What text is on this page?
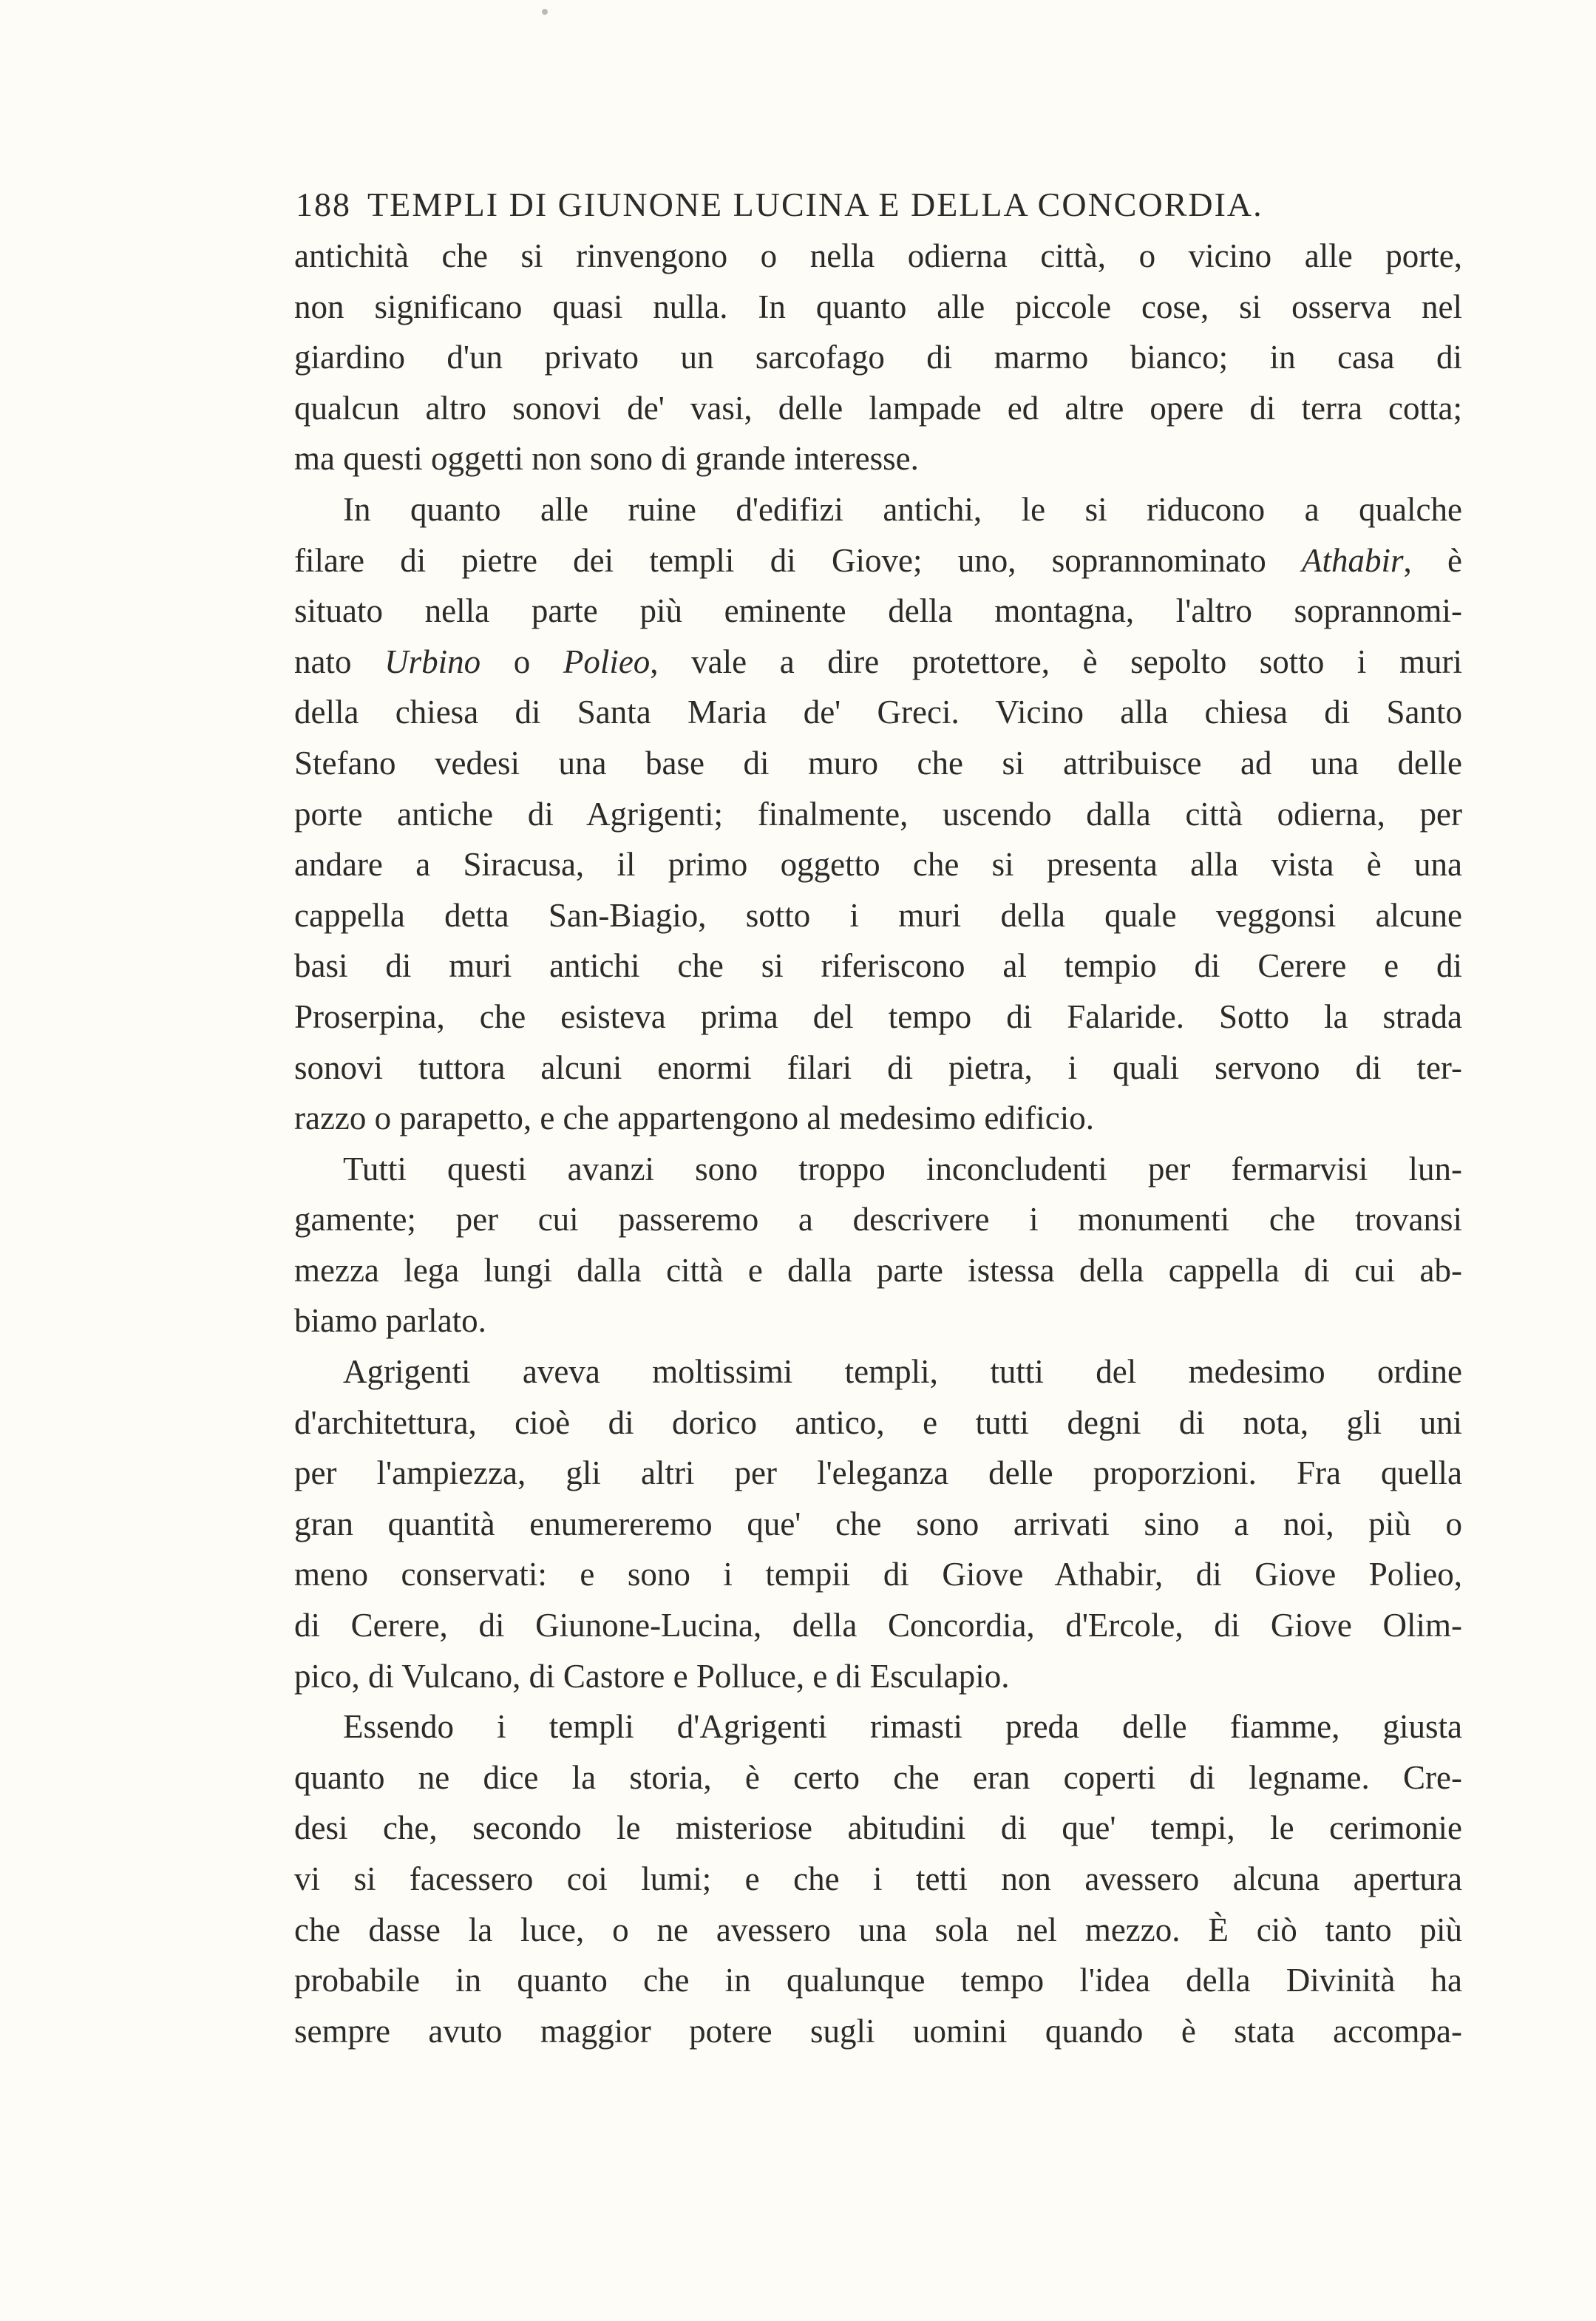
188 TEMPLI DI GIUNONE LUCINA E DELLA CONCORDIA.
antichità che si rinvengono o nella odierna città, o vicino alle porte,
non significano quasi nulla. In quanto alle piccole cose, si osserva nel
giardino d'un privato un sarcofago di marmo bianco; in casa di
qualcun altro sonovi de' vasi, delle lampade ed altre opere di terra cotta;
ma questi oggetti non sono di grande interesse.
In quanto alle ruine d'edifizi antichi, le si riducono a qualche
filare di pietre dei templi di Giove; uno, soprannominato Athabir, è
situato nella parte più eminente della montagna, l'altro soprannomi-
nato Urbino o Polieo, vale a dire protettore, è sepolto sotto i muri
della chiesa di Santa Maria de' Greci. Vicino alla chiesa di Santo
Stefano vedesi una base di muro che si attribuisce ad una delle
porte antiche di Agrigenti; finalmente, uscendo dalla città odierna, per
andare a Siracusa, il primo oggetto che si presenta alla vista è una
cappella detta San-Biagio, sotto i muri della quale veggonsi alcune
basi di muri antichi che si riferiscono al tempio di Cerere e di
Proserpina, che esisteva prima del tempo di Falaride. Sotto la strada
sonovi tuttora alcuni enormi filari di pietra, i quali servono di ter-
razzo o parapetto, e che appartengono al medesimo edificio.
Tutti questi avanzi sono troppo inconcludenti per fermarvisi lun-
gamente; per cui passeremo a descrivere i monumenti che trovansi
mezza lega lungi dalla città e dalla parte istessa della cappella di cui ab-
biamo parlato.
Agrigenti aveva moltissimi templi, tutti del medesimo ordine
d'architettura, cioè di dorico antico, e tutti degni di nota, gli uni
per l'ampiezza, gli altri per l'eleganza delle proporzioni. Fra quella
gran quantità enumereremo que' che sono arrivati sino a noi, più o
meno conservati: e sono i tempii di Giove Athabir, di Giove Polieo,
di Cerere, di Giunone-Lucina, della Concordia, d'Ercole, di Giove Olim-
pico, di Vulcano, di Castore e Polluce, e di Esculapio.
Essendo i templi d'Agrigenti rimasti preda delle fiamme, giusta
quanto ne dice la storia, è certo che eran coperti di legname. Cre-
desi che, secondo le misteriose abitudini di que' tempi, le cerimonie
vi si facessero coi lumi; e che i tetti non avessero alcuna apertura
che dasse la luce, o ne avessero una sola nel mezzo. È ciò tanto più
probabile in quanto che in qualunque tempo l'idea della Divinità ha
sempre avuto maggior potere sugli uomini quando è stata accompa-
